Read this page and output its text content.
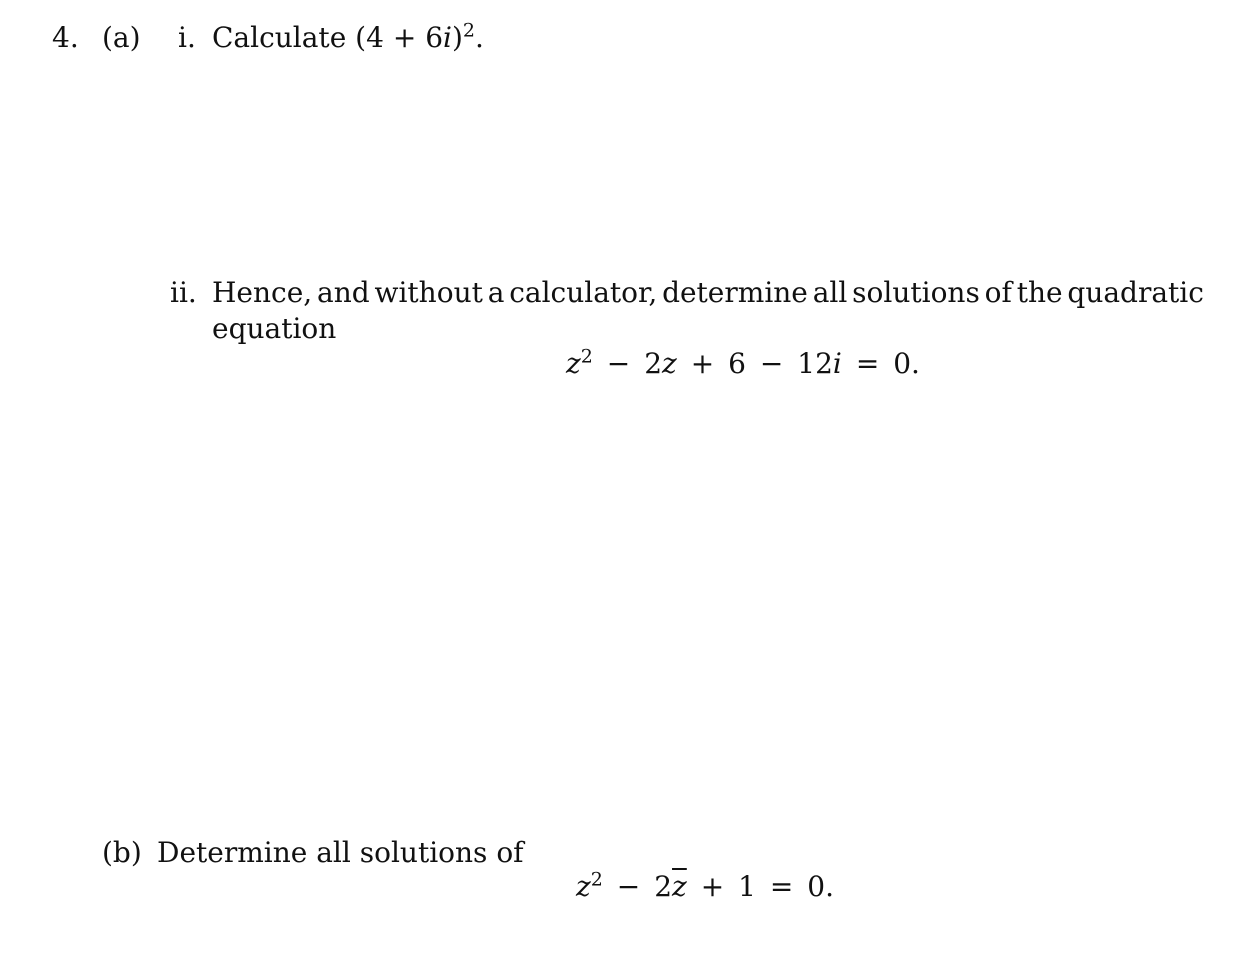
4. (a) i. Calculate $(4 + 6i)^2$.
ii. Hence, and without a calculator, determine all solutions of the quadratic
equation
$z^2 - 2z + 6 - 12i = 0$.
(b) Determine all solutions of
$z^2 - 2\overline{z} + 1 = 0$.
